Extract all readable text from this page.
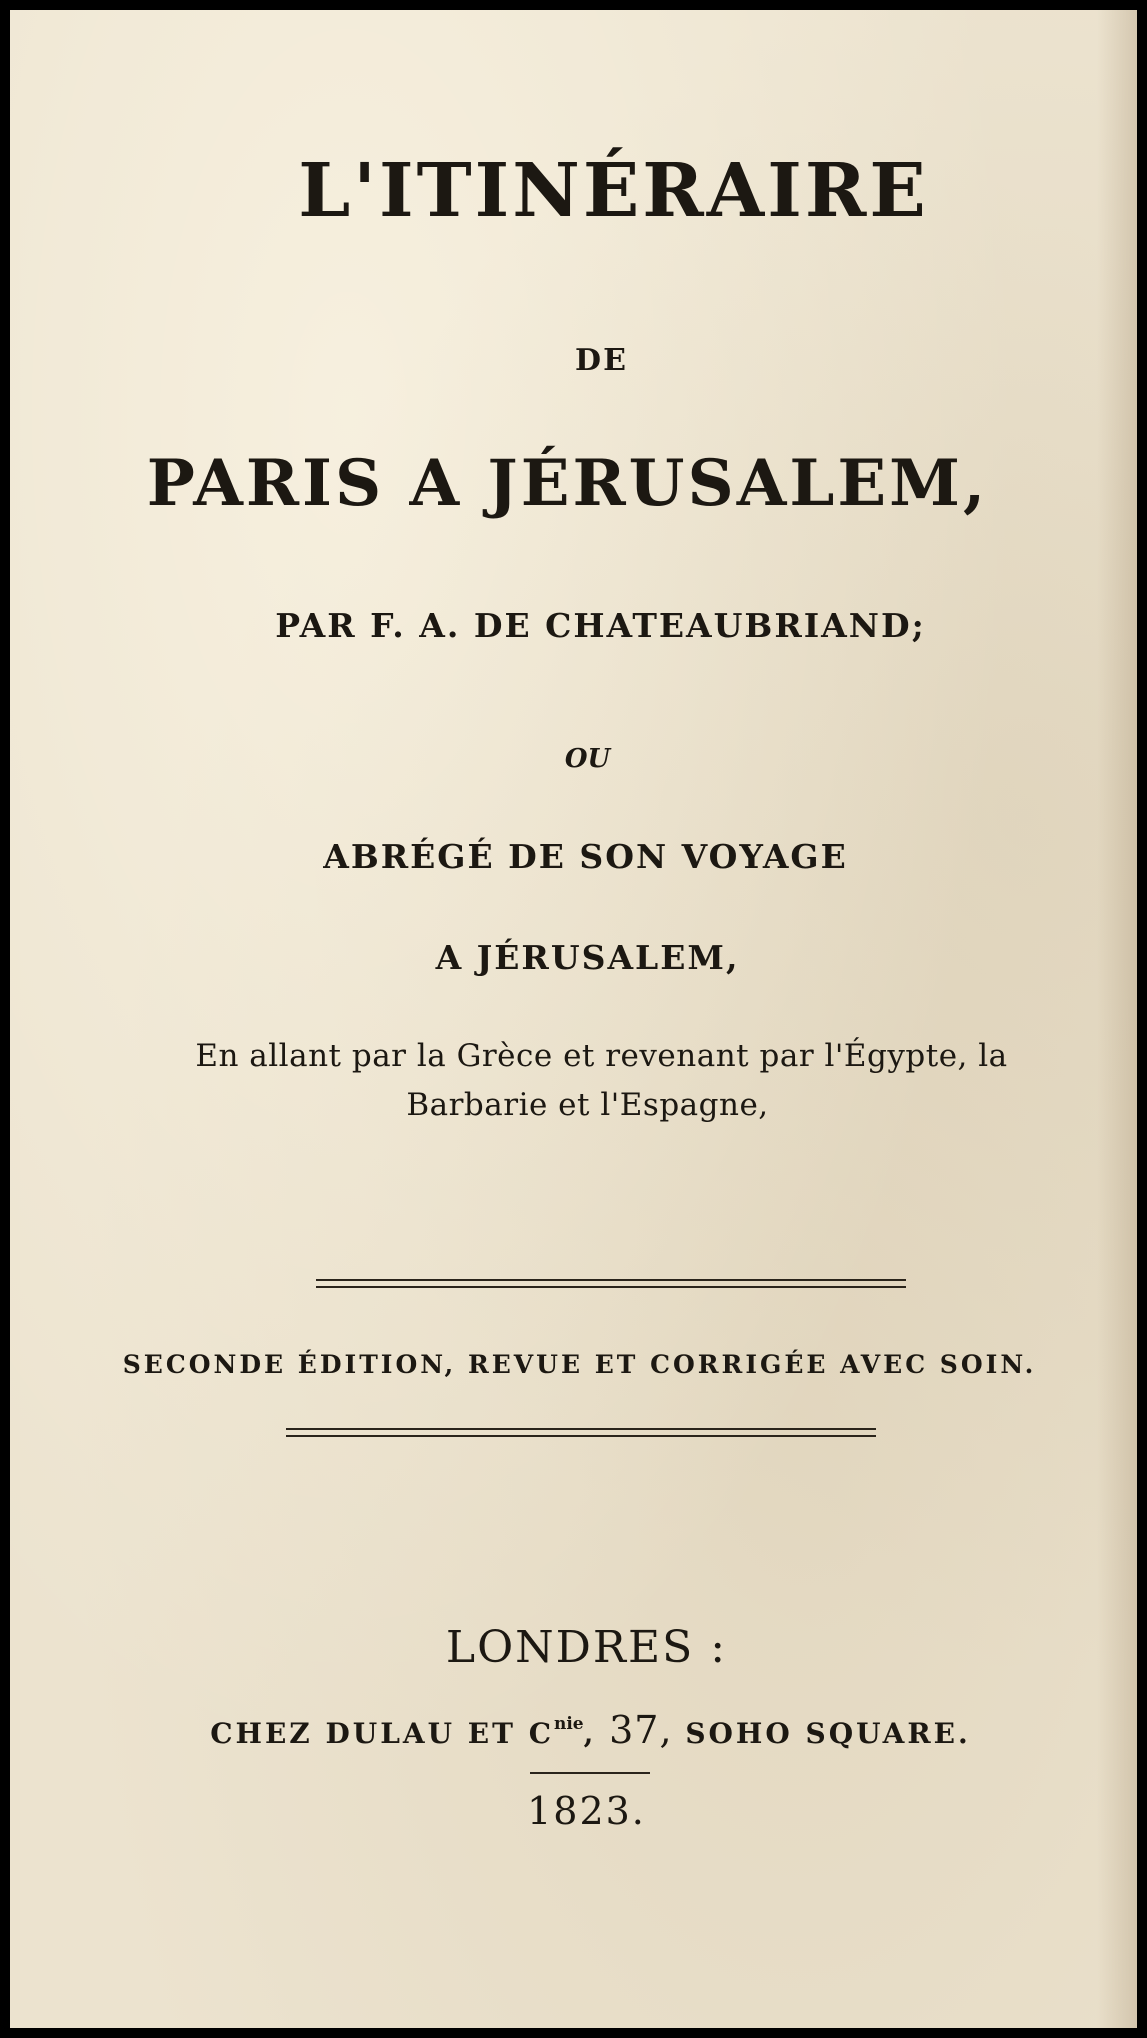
L'ITINÉRAIRE
DE
PARIS A JÉRUSALEM,
PAR F. A. DE CHATEAUBRIAND;
OU
ABRÉGÉ DE SON VOYAGE
A JÉRUSALEM,
En allant par la Grèce et revenant par l'Égypte, la
Barbarie et l'Espagne,
SECONDE ÉDITION, REVUE ET CORRIGÉE AVEC SOIN.
LONDRES :
CHEZ DULAU ET $C^{nie}$, 37, SOHO SQUARE.
1823.
